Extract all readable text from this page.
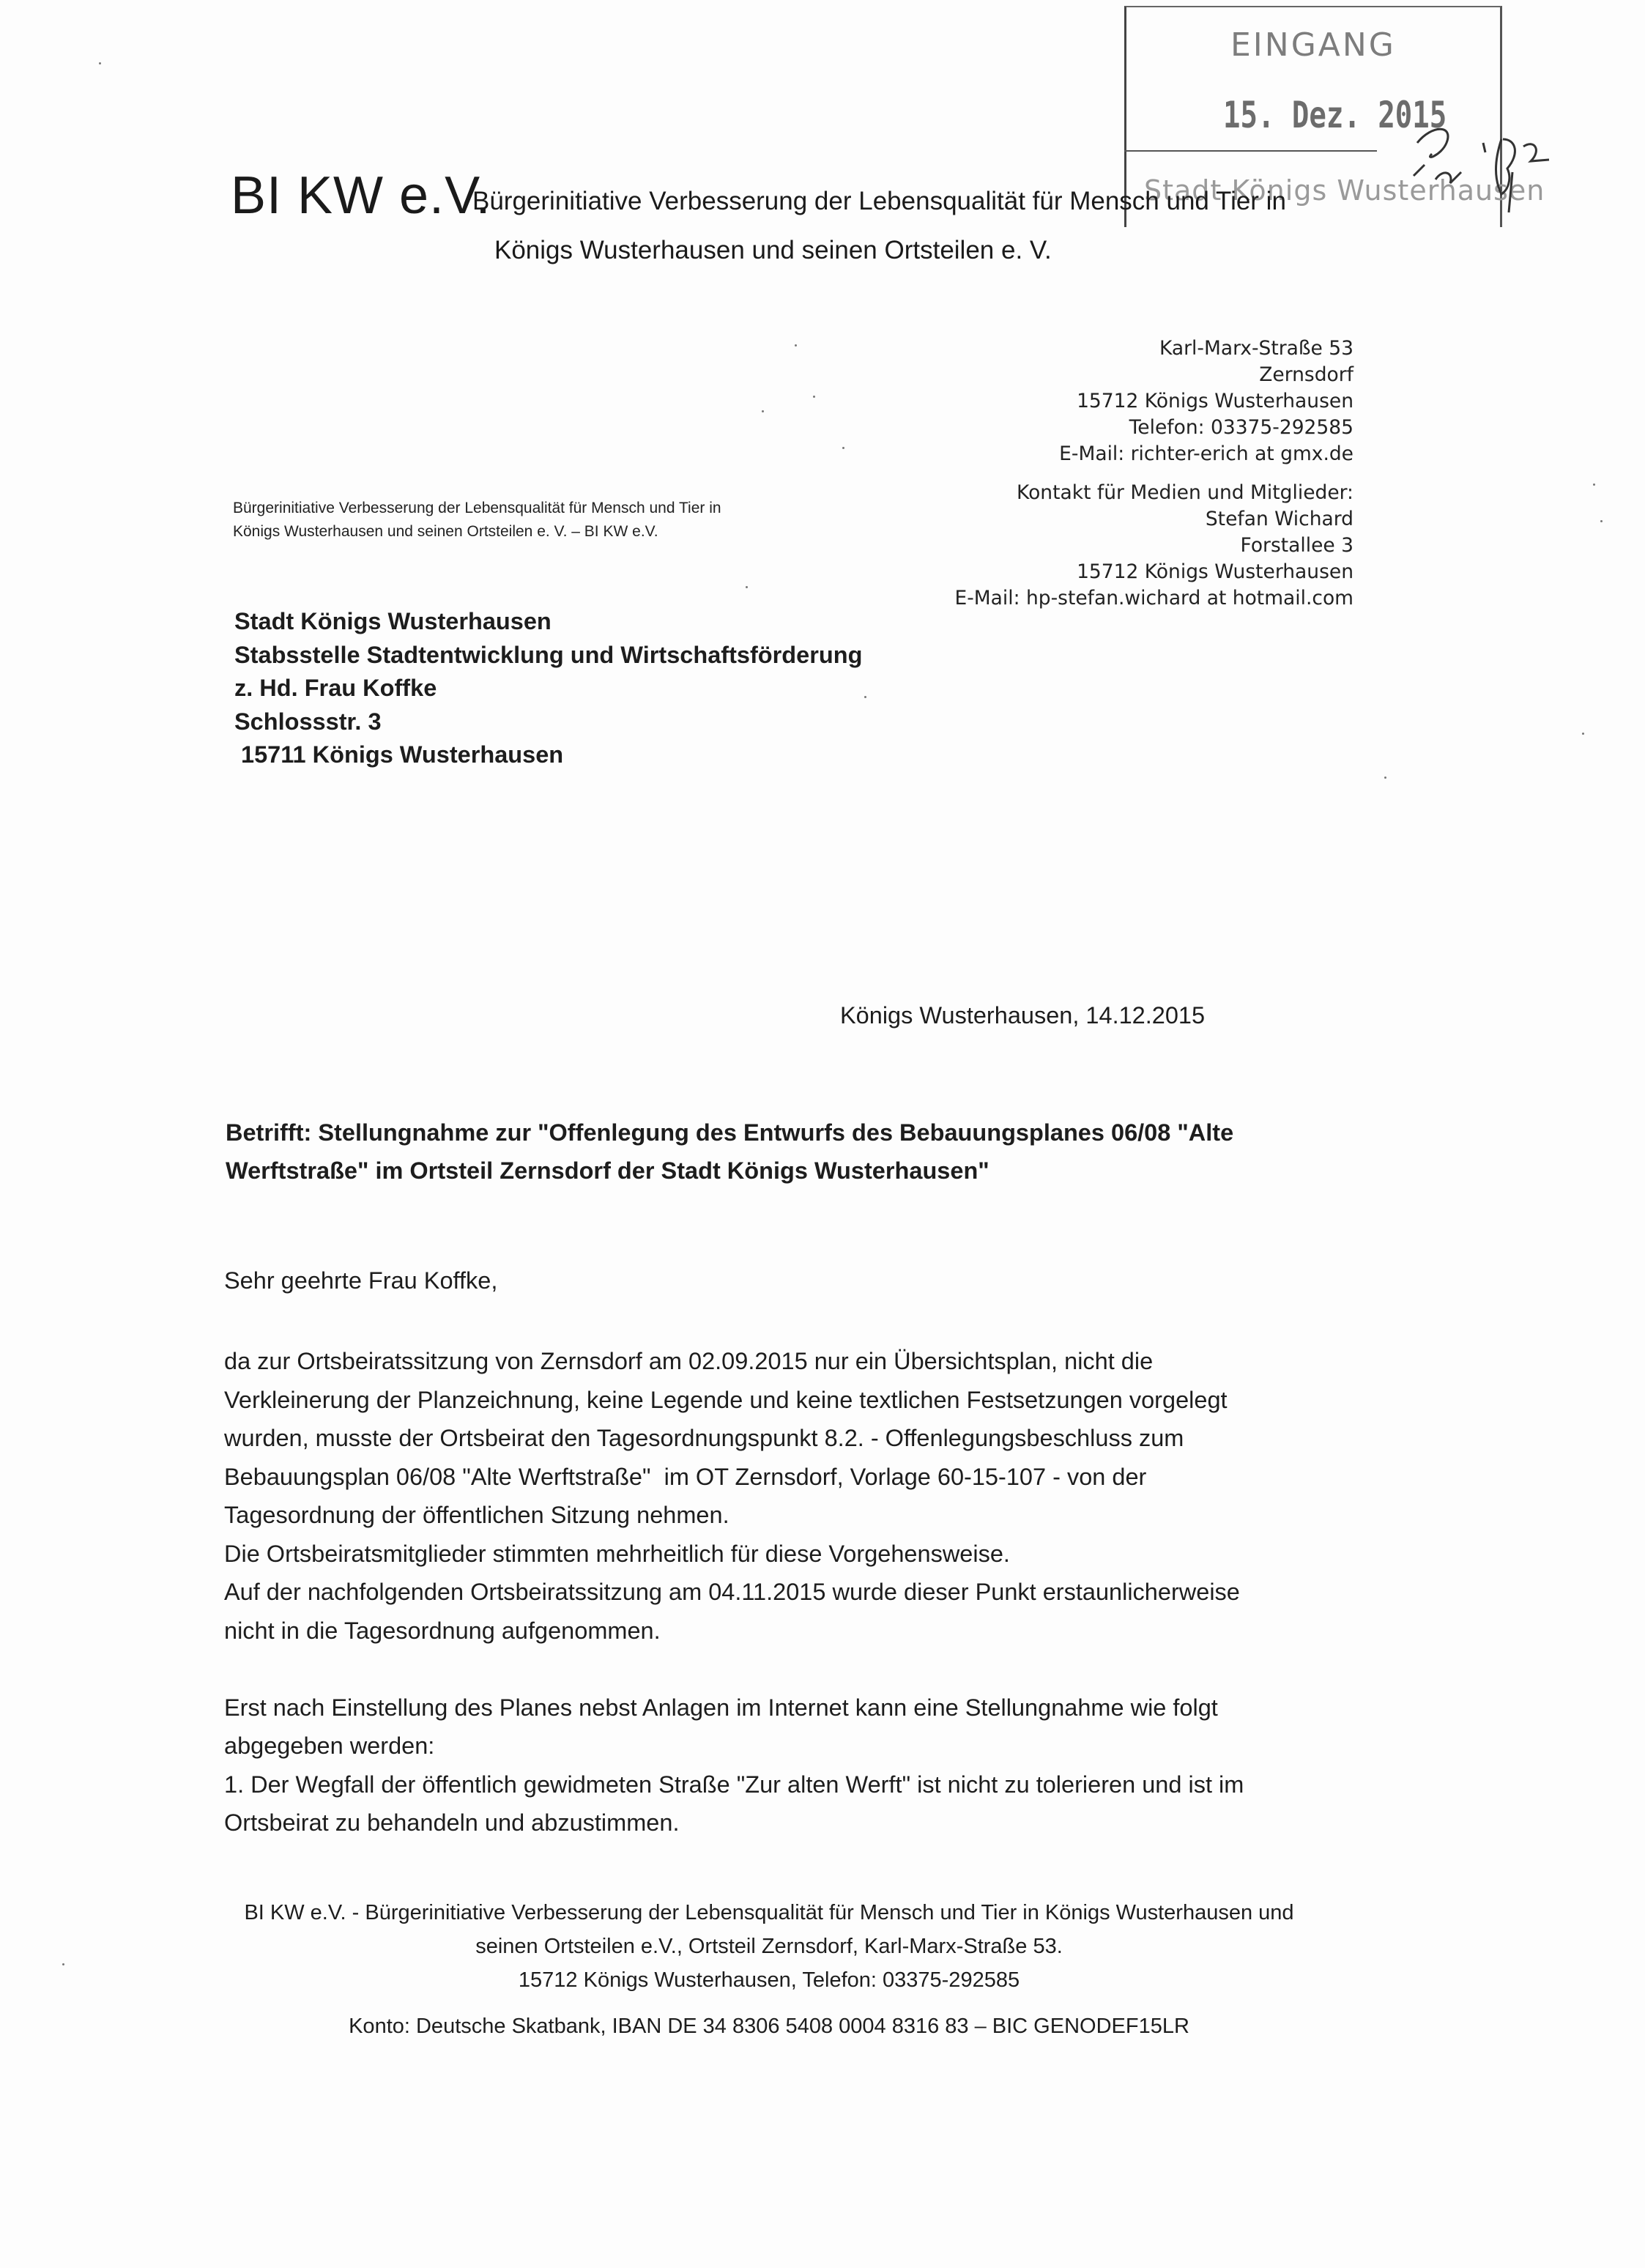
EINGANG
15. Dez. 2015
Stadt Königs Wusterhausen
BI KW e.V.
Bürgerinitiative Verbesserung der Lebensqualität für Mensch und Tier in
Königs Wusterhausen und seinen Ortsteilen e. V.
Karl-Marx-Straße 53
Zernsdorf
15712 Königs Wusterhausen
Telefon: 03375-292585
E-Mail: richter-erich at gmx.de
Kontakt für Medien und Mitglieder:
Stefan Wichard
Forstallee 3
15712 Königs Wusterhausen
E-Mail: hp-stefan.wichard at hotmail.com
Bürgerinitiative Verbesserung der Lebensqualität für Mensch und Tier in
Königs Wusterhausen und seinen Ortsteilen e. V. – BI KW e.V.
Stadt Königs Wusterhausen
Stabsstelle Stadtentwicklung und Wirtschaftsförderung
z. Hd. Frau Koffke
Schlossstr. 3
15711 Königs Wusterhausen
Königs Wusterhausen, 14.12.2015
Betrifft: Stellungnahme zur "Offenlegung des Entwurfs des Bebauungsplanes 06/08 "Alte
Werftstraße" im Ortsteil Zernsdorf der Stadt Königs Wusterhausen"
Sehr geehrte Frau Koffke,
da zur Ortsbeiratssitzung von Zernsdorf am 02.09.2015 nur ein Übersichtsplan, nicht die
Verkleinerung der Planzeichnung, keine Legende und keine textlichen Festsetzungen vorgelegt
wurden, musste der Ortsbeirat den Tagesordnungspunkt 8.2. - Offenlegungsbeschluss zum
Bebauungsplan 06/08 "Alte Werftstraße"  im OT Zernsdorf, Vorlage 60-15-107 - von der
Tagesordnung der öffentlichen Sitzung nehmen.
Die Ortsbeiratsmitglieder stimmten mehrheitlich für diese Vorgehensweise.
Auf der nachfolgenden Ortsbeiratssitzung am 04.11.2015 wurde dieser Punkt erstaunlicherweise
nicht in die Tagesordnung aufgenommen.
Erst nach Einstellung des Planes nebst Anlagen im Internet kann eine Stellungnahme wie folgt
abgegeben werden:
1. Der Wegfall der öffentlich gewidmeten Straße "Zur alten Werft" ist nicht zu tolerieren und ist im
Ortsbeirat zu behandeln und abzustimmen.
BI KW e.V. - Bürgerinitiative Verbesserung der Lebensqualität für Mensch und Tier in Königs Wusterhausen und
seinen Ortsteilen e.V., Ortsteil Zernsdorf, Karl-Marx-Straße 53.
15712 Königs Wusterhausen, Telefon: 03375-292585
Konto: Deutsche Skatbank, IBAN DE 34 8306 5408 0004 8316 83 – BIC GENODEF15LR
